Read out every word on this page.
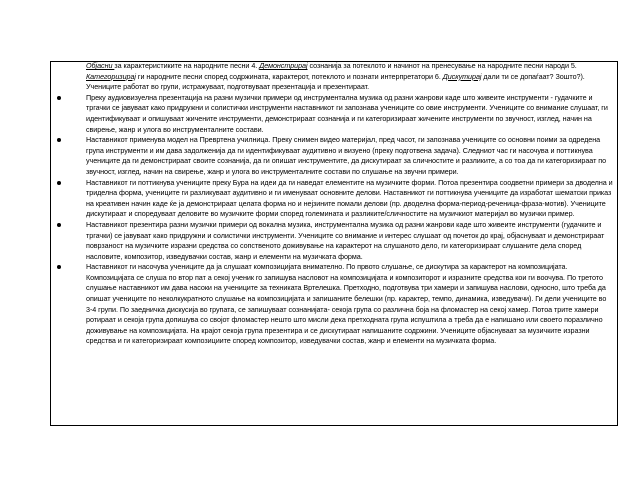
Објасни за карактеристиките на народните песни 4. Демонстрирај сознанија за потеклото и начинот на пренесување на народните песни народи 5. Категоризирај ги народните песни според содржината, карактерот, потеклото и познати интерпретатори 6. Дискутирај дали ти се допаѓаат? Зошто?). Учениците работат во групи, истражуваат, подготвуваат презентација и презентираат.

Преку аудиовизуелна презентација на разни музички примери од инструментална музика од разни жанрови каде што живеите инструменти - гудачките и тргачки се јавуваат како придружни и солистички инструменти наставникот ги запознава учениците со овие инструменти. Учениците со внимание слушаат, ги идентификуваат и опишуваат жичените инструменти, демонстрираат сознанија и ги категоризираат жичените инструменти по звучност, изглед, начин на свирење, жанр и улога во инструменталните состави.
Наставникот применува модел на Превртена училница. Преку снимен видео материјал, пред часот, ги запознава учениците со основни поими за одредена група инструменти и им дава задолженија да ги идентификуваат аудитивно и визуено (преку подготвена задача). Следниот час ги насочува и поттикнува учениците да ги демонстрираат своите сознанија, да ги опишат инструментите, да дискутираат за сличностите и разликите, а со тоа да ги категоризираат по звучност, изглед, начин на свирење, жанр и улога во инструменталните состави по слушање на звучни примери.
Наставникот ги поттикнува учениците преку Бура на идеи да ги наведат елементите на музичките форми. Потоа презентира соодветни примери за дводелна и триделна форма, учениците ги разликуваат аудитивно и ги именуваат основните делови. Наставникот ги поттикнува учениците да изработат шематски приказ на креативен начин каде ќе ја демонстрираат целата форма но и нејзините помали делови (пр. дводелна форма-период-реченица-фраза-мотив). Учениците дискутираат и споредуваат деловите во музичките форми според големината и разликите/сличностите на музичкиот материјал во музички пример.
Наставникот презентира разни музички примери од вокална музика, инструментална музика од разни жанрови каде што живеите инструменти (гудачките и тргачки) се јавуваат како придружни и солистички инструменти. Учениците со внимание и интерес слушаат од почеток до крај, објаснуваат и демонстрираат поврзаност на музичките изразни средства со сопственото доживување на карактерот на слушаното дело, ги категоризираат слушаните дела според насловите, композитор, изведувачки состав, жанр и елементи на музичката форма.
Наставникот ги насочува учениците да ја слушаат композицијата внимателно. По првото слушање, се дискутира за карактерот на композицијата. Композицијата се слуша по втор пат а секој ученик го запишува насловот на композицијата и композиторот и изразните средства кои ги воочува. По третото слушање наставникот им дава насоки на учениците за техниката Вртелешка. Претходно, подготвува три хамери и запишува наслови, односно, што треба да опишат учениците по неколкукратното слушање на композицијата и запишаните белешки (пр. карактер, темпо, динамика, изведувачи). Ги дели учениците во 3-4 групи. По заедничка дискусија во групата, се запишуваат сознанијата- секоја група со различна боја на фломастер на секој хамер. Потоа трите хамери ротираат и секоја група допишува со својот фломастер нешто што мисли дека претходната група испуштила а треба да е напишано или своето поразлично доживување на композицијата. На крајот секоја група презентира и се дискутираат напишаните содржини. Учениците објаснуваат за музичките изразни средства и ги категоризираат композициите според композитор, изведувачки состав, жанр и елементи на музичката форма.
